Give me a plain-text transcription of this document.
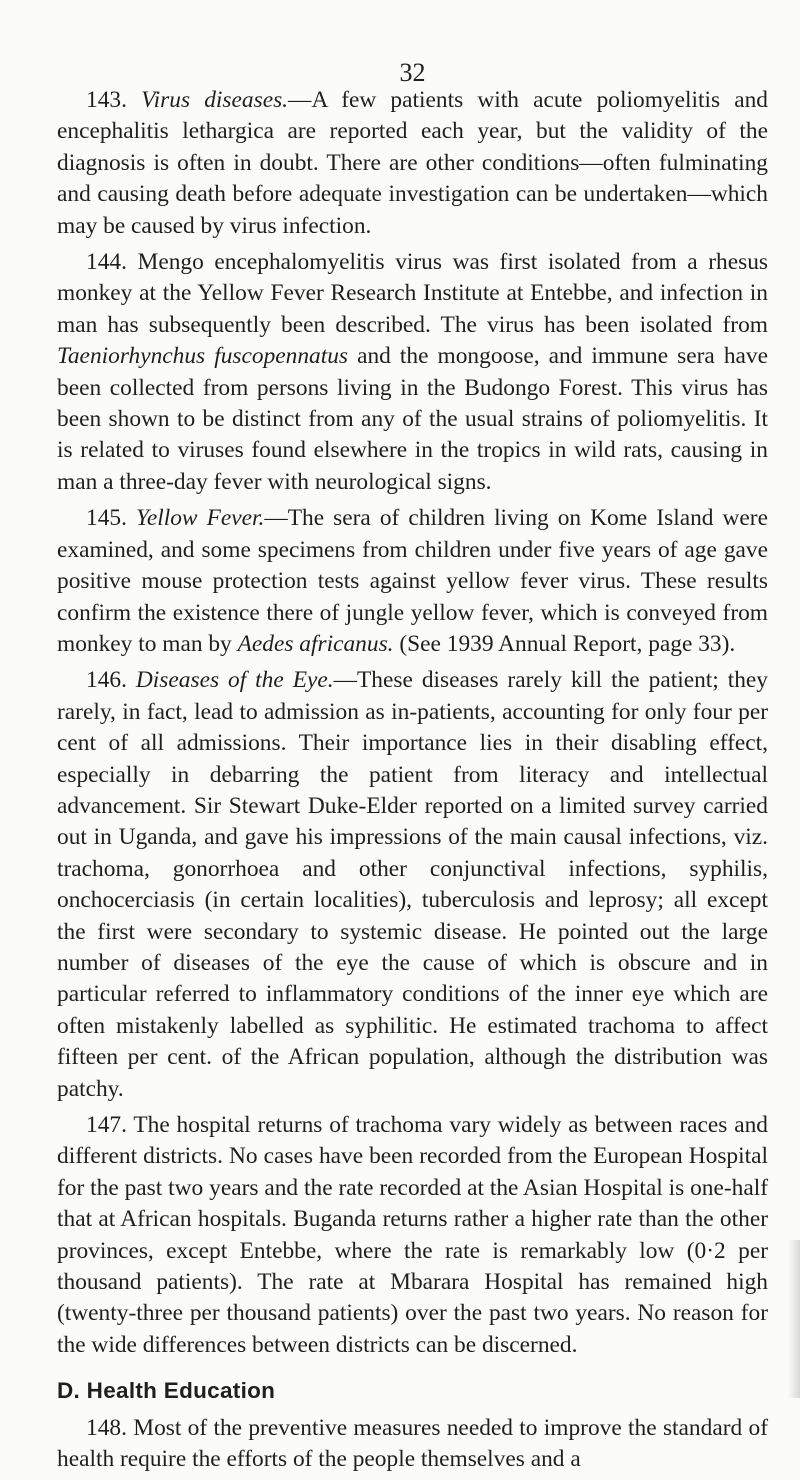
32

143. Virus diseases.—A few patients with acute poliomyelitis and encephalitis lethargica are reported each year, but the validity of the diagnosis is often in doubt. There are other conditions—often fulminating and causing death before adequate investigation can be undertaken—which may be caused by virus infection.

144. Mengo encephalomyelitis virus was first isolated from a rhesus monkey at the Yellow Fever Research Institute at Entebbe, and infection in man has subsequently been described. The virus has been isolated from Taeniorhynchus fuscopennatus and the mongoose, and immune sera have been collected from persons living in the Budongo Forest. This virus has been shown to be distinct from any of the usual strains of poliomyelitis. It is related to viruses found elsewhere in the tropics in wild rats, causing in man a three-day fever with neurological signs.

145. Yellow Fever.—The sera of children living on Kome Island were examined, and some specimens from children under five years of age gave positive mouse protection tests against yellow fever virus. These results confirm the existence there of jungle yellow fever, which is conveyed from monkey to man by Aedes africanus. (See 1939 Annual Report, page 33).

146. Diseases of the Eye.—These diseases rarely kill the patient; they rarely, in fact, lead to admission as in-patients, accounting for only four per cent of all admissions. Their importance lies in their disabling effect, especially in debarring the patient from literacy and intellectual advancement. Sir Stewart Duke-Elder reported on a limited survey carried out in Uganda, and gave his impressions of the main causal infections, viz. trachoma, gonorrhoea and other conjunctival infections, syphilis, onchocerciasis (in certain localities), tuberculosis and leprosy; all except the first were secondary to systemic disease. He pointed out the large number of diseases of the eye the cause of which is obscure and in particular referred to inflammatory conditions of the inner eye which are often mistakenly labelled as syphilitic. He estimated trachoma to affect fifteen per cent. of the African population, although the distribution was patchy.

147. The hospital returns of trachoma vary widely as between races and different districts. No cases have been recorded from the European Hospital for the past two years and the rate recorded at the Asian Hospital is one-half that at African hospitals. Buganda returns rather a higher rate than the other provinces, except Entebbe, where the rate is remarkably low (0·2 per thousand patients). The rate at Mbarara Hospital has remained high (twenty-three per thousand patients) over the past two years. No reason for the wide differences between districts can be discerned.

D. Health Education

148. Most of the preventive measures needed to improve the standard of health require the efforts of the people themselves and a
